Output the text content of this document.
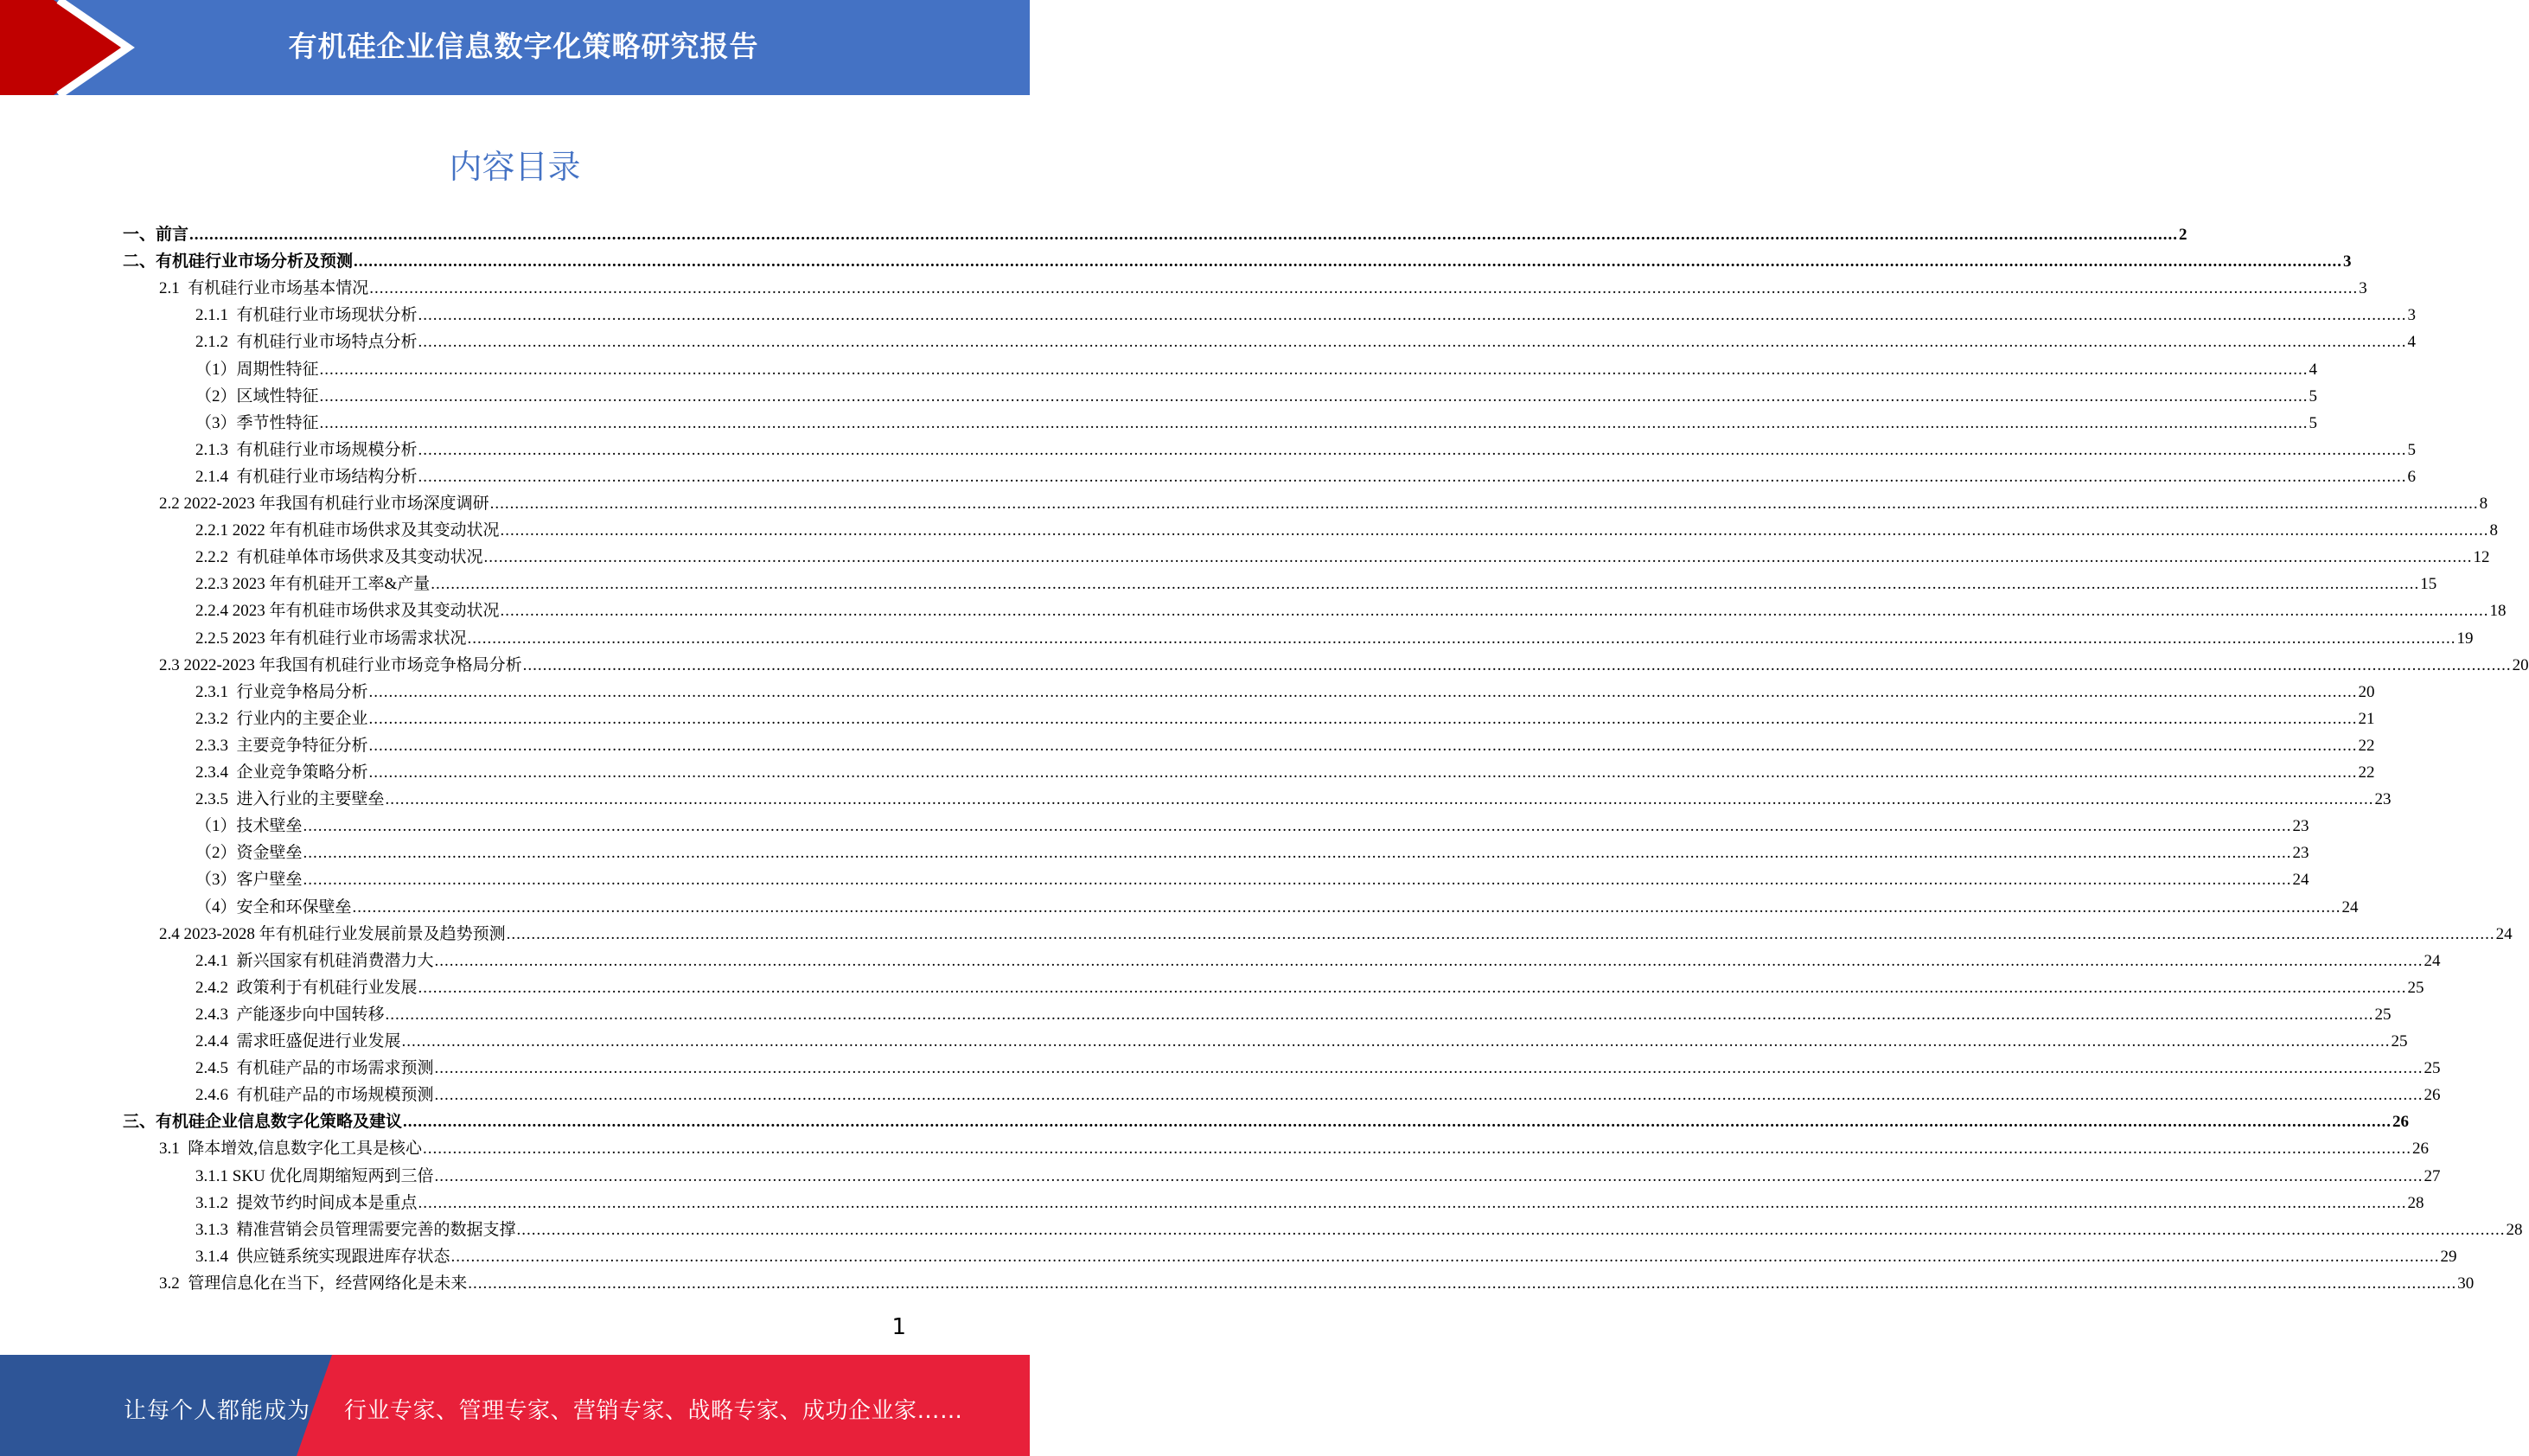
有机硅企业信息数字化策略研究报告
内容目录
一、前言 ................................................................................................................................................................................................................................................................................................................................................................................................................ 2
二、有机硅行业市场分析及预测 ................................................................................................................................................................................................................................................................................................................................................................................................................ 3
2.1  有机硅行业市场基本情况 ................................................................................................................................................................................................................................................................................................................................................................................................................ 3
2.1.1  有机硅行业市场现状分析 ................................................................................................................................................................................................................................................................................................................................................................................................................ 3
2.1.2  有机硅行业市场特点分析 ................................................................................................................................................................................................................................................................................................................................................................................................................ 4
（1）周期性特征 ................................................................................................................................................................................................................................................................................................................................................................................................................ 4
（2）区域性特征 ................................................................................................................................................................................................................................................................................................................................................................................................................ 5
（3）季节性特征 ................................................................................................................................................................................................................................................................................................................................................................................................................ 5
2.1.3  有机硅行业市场规模分析 ................................................................................................................................................................................................................................................................................................................................................................................................................ 5
2.1.4  有机硅行业市场结构分析 ................................................................................................................................................................................................................................................................................................................................................................................................................ 6
2.2 2022-2023 年我国有机硅行业市场深度调研 ................................................................................................................................................................................................................................................................................................................................................................................................................ 8
2.2.1 2022 年有机硅市场供求及其变动状况 ................................................................................................................................................................................................................................................................................................................................................................................................................ 8
2.2.2  有机硅单体市场供求及其变动状况 ................................................................................................................................................................................................................................................................................................................................................................................................................ 12
2.2.3 2023 年有机硅开工率&产量 ................................................................................................................................................................................................................................................................................................................................................................................................................ 15
2.2.4 2023 年有机硅市场供求及其变动状况 ................................................................................................................................................................................................................................................................................................................................................................................................................ 18
2.2.5 2023 年有机硅行业市场需求状况 ................................................................................................................................................................................................................................................................................................................................................................................................................ 19
2.3 2022-2023 年我国有机硅行业市场竞争格局分析 ................................................................................................................................................................................................................................................................................................................................................................................................................ 20
2.3.1  行业竞争格局分析 ................................................................................................................................................................................................................................................................................................................................................................................................................ 20
2.3.2  行业内的主要企业 ................................................................................................................................................................................................................................................................................................................................................................................................................ 21
2.3.3  主要竞争特征分析 ................................................................................................................................................................................................................................................................................................................................................................................................................ 22
2.3.4  企业竞争策略分析 ................................................................................................................................................................................................................................................................................................................................................................................................................ 22
2.3.5  进入行业的主要壁垒 ................................................................................................................................................................................................................................................................................................................................................................................................................ 23
（1）技术壁垒 ................................................................................................................................................................................................................................................................................................................................................................................................................ 23
（2）资金壁垒 ................................................................................................................................................................................................................................................................................................................................................................................................................ 23
（3）客户壁垒 ................................................................................................................................................................................................................................................................................................................................................................................................................ 24
（4）安全和环保壁垒 ................................................................................................................................................................................................................................................................................................................................................................................................................ 24
2.4 2023-2028 年有机硅行业发展前景及趋势预测 ................................................................................................................................................................................................................................................................................................................................................................................................................ 24
2.4.1  新兴国家有机硅消费潜力大 ................................................................................................................................................................................................................................................................................................................................................................................................................ 24
2.4.2  政策利于有机硅行业发展 ................................................................................................................................................................................................................................................................................................................................................................................................................ 25
2.4.3  产能逐步向中国转移 ................................................................................................................................................................................................................................................................................................................................................................................................................ 25
2.4.4  需求旺盛促进行业发展 ................................................................................................................................................................................................................................................................................................................................................................................................................ 25
2.4.5  有机硅产品的市场需求预测 ................................................................................................................................................................................................................................................................................................................................................................................................................ 25
2.4.6  有机硅产品的市场规模预测 ................................................................................................................................................................................................................................................................................................................................................................................................................ 26
三、有机硅企业信息数字化策略及建议 ................................................................................................................................................................................................................................................................................................................................................................................................................ 26
3.1  降本增效,信息数字化工具是核心 ................................................................................................................................................................................................................................................................................................................................................................................................................ 26
3.1.1 SKU 优化周期缩短两到三倍 ................................................................................................................................................................................................................................................................................................................................................................................................................ 27
3.1.2  提效节约时间成本是重点 ................................................................................................................................................................................................................................................................................................................................................................................................................ 28
3.1.3  精准营销会员管理需要完善的数据支撑 ................................................................................................................................................................................................................................................................................................................................................................................................................ 28
3.1.4  供应链系统实现跟进库存状态 ................................................................................................................................................................................................................................................................................................................................................................................................................ 29
3.2  管理信息化在当下，经营网络化是未来 ................................................................................................................................................................................................................................................................................................................................................................................................................ 30
1
让每个人都能成为 行业专家、管理专家、营销专家、战略专家、成功企业家……
